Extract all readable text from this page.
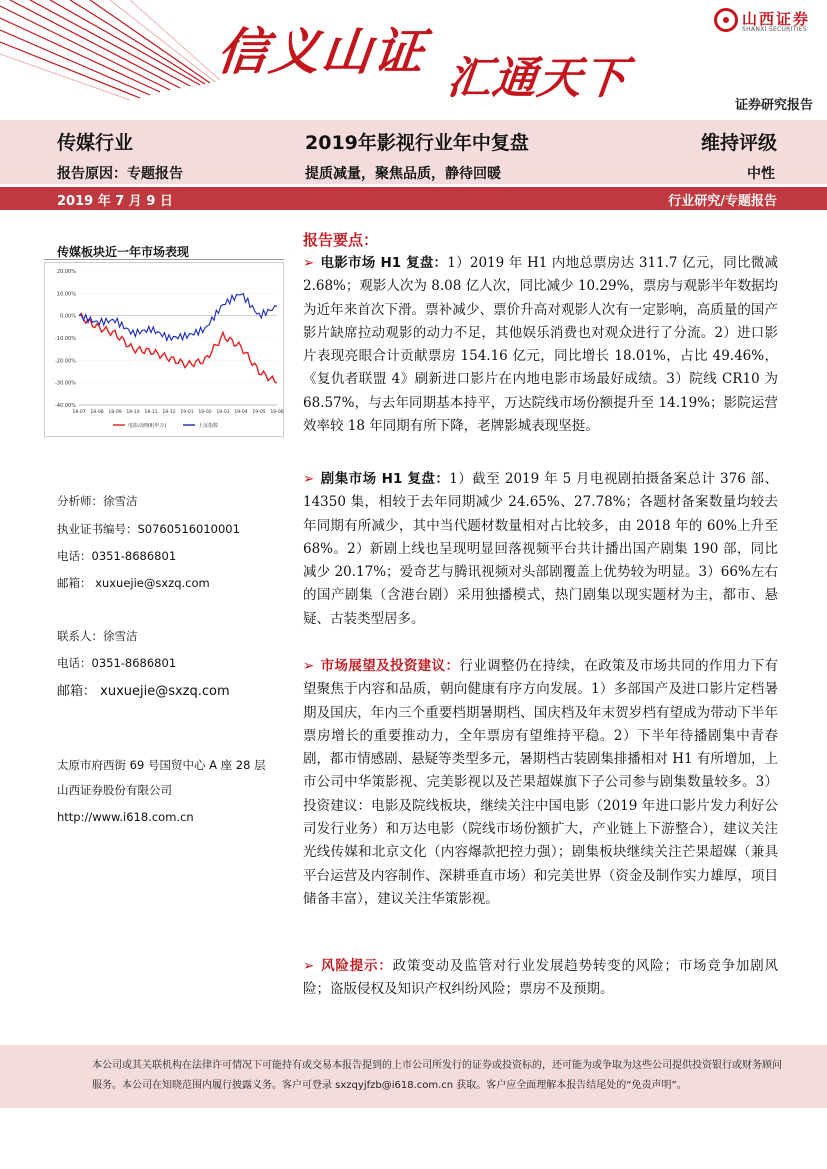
信义山证 汇通天下
山西证券
SHANXI SECURITIES
证券研究报告
传媒行业	2019年影视行业年中复盘	维持评级
报告原因：专题报告	提质减量，聚焦品质，静待回暖	中性
2019 年 7 月 9 日	行业研究/专题报告
传媒板块近一年市场表现
20.00%
10.00%
0.00%
-10.00%
-20.00%
-30.00%
-40.00%
18-07 18-08 18-09 18-10 18-11 18-12 19-01 19-02 19-03 19-04 19-05 19-06
电影动画III(申万)	上证指数
分析师：徐雪洁
执业证书编号：S0760516010001
电话：0351-8686801
邮箱： xuxuejie@sxzq.com
联系人：徐雪洁
电话：0351-8686801
邮箱： xuxuejie@sxzq.com
太原市府西街 69 号国贸中心 A 座 28 层
山西证券股份有限公司
http://www.i618.com.cn
报告要点：
➢ 电影市场 H1 复盘：1）2019 年 H1 内地总票房达 311.7 亿元，同比微减 2.68%；观影人次为 8.08 亿人次，同比减少 10.29%，票房与观影半年数据均为近年来首次下滑。票补减少、票价升高对观影人次有一定影响，高质量的国产影片缺席拉动观影的动力不足，其他娱乐消费也对观众进行了分流。2）进口影片表现亮眼合计贡献票房 154.16 亿元，同比增长 18.01%，占比 49.46%，《复仇者联盟 4》刷新进口影片在内地电影市场最好成绩。3）院线 CR10 为 68.57%，与去年同期基本持平，万达院线市场份额提升至 14.19%；影院运营效率较 18 年同期有所下降，老牌影城表现坚挺。
➢ 剧集市场 H1 复盘：1）截至 2019 年 5 月电视剧拍摄备案总计 376 部、14350 集，相较于去年同期减少 24.65%、27.78%；各题材备案数量均较去年同期有所减少，其中当代题材数量相对占比较多，由 2018 年的 60%上升至 68%。2）新剧上线也呈现明显回落视频平台共计播出国产剧集 190 部，同比减少 20.17%；爱奇艺与腾讯视频对头部剧覆盖上优势较为明显。3）66%左右的国产剧集（含港台剧）采用独播模式，热门剧集以现实题材为主，都市、悬疑、古装类型居多。
➢ 市场展望及投资建议：行业调整仍在持续，在政策及市场共同的作用力下有望聚焦于内容和品质，朝向健康有序方向发展。1）多部国产及进口影片定档暑期及国庆，年内三个重要档期暑期档、国庆档及年末贺岁档有望成为带动下半年票房增长的重要推动力，全年票房有望维持平稳。2）下半年待播剧集中青春剧，都市情感剧、悬疑等类型多元，暑期档古装剧集排播相对 H1 有所增加，上市公司中华策影视、完美影视以及芒果超媒旗下子公司参与剧集数量较多。3）投资建议：电影及院线板块，继续关注中国电影（2019 年进口影片发力利好公司发行业务）和万达电影（院线市场份额扩大，产业链上下游整合），建议关注光线传媒和北京文化（内容爆款把控力强）；剧集板块继续关注芒果超媒（兼具平台运营及内容制作、深耕垂直市场）和完美世界（资金及制作实力雄厚，项目储备丰富），建议关注华策影视。
➢ 风险提示：政策变动及监管对行业发展趋势转变的风险；市场竞争加剧风险；盗版侵权及知识产权纠纷风险；票房不及预期。
本公司或其关联机构在法律许可情况下可能持有或交易本报告提到的上市公司所发行的证券或投资标的，还可能为或争取为这些公司提供投资银行或财务顾问服务。本公司在知晓范围内履行披露义务。客户可登录 sxzqyjfzb@i618.com.cn 获取。客户应全面理解本报告结尾处的“免责声明”。
